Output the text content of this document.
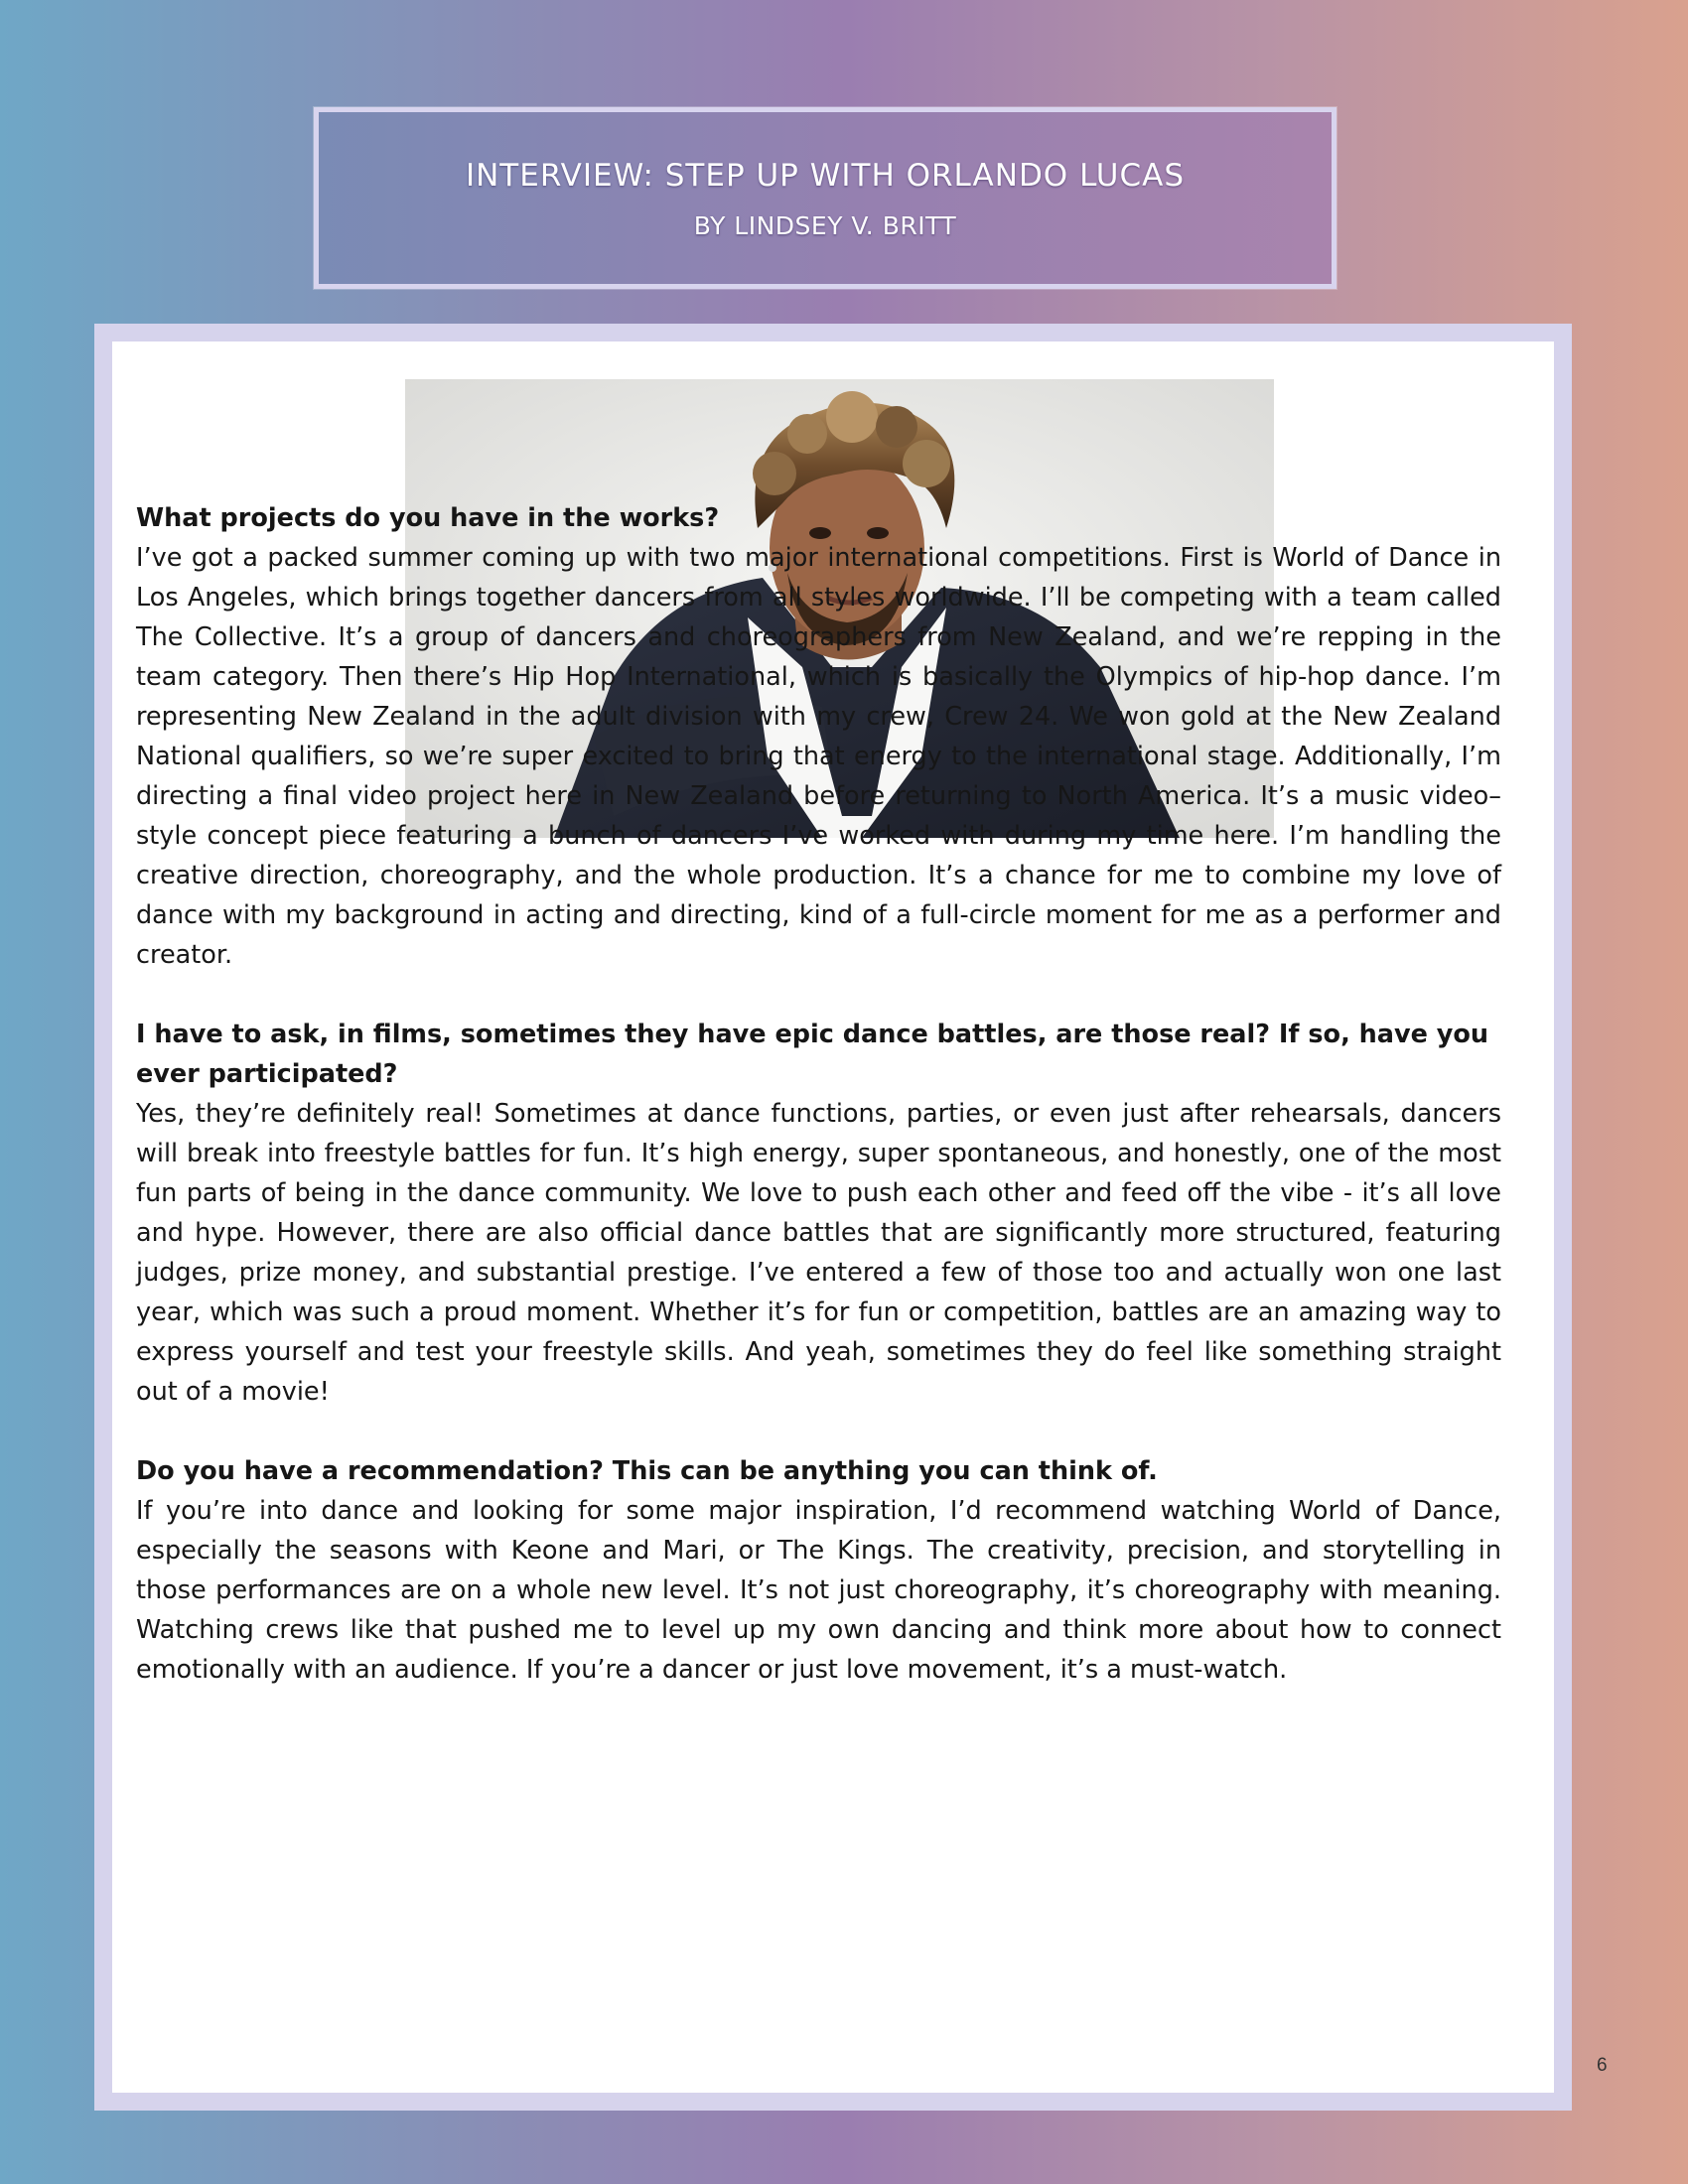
INTERVIEW: STEP UP WITH ORLANDO LUCAS
BY LINDSEY V. BRITT

What projects do you have in the works?

I’ve got a packed summer coming up with two major international competitions. First is World of Dance in Los Angeles, which brings together dancers from all styles worldwide. I’ll be competing with a team called The Collective. It’s a group of dancers and choreographers from New Zealand, and we’re repping in the team category. Then there’s Hip Hop International, which is basically the Olympics of hip-hop dance. I’m representing New Zealand in the adult division with my crew, Crew 24. We won gold at the New Zealand National qualifiers, so we’re super excited to bring that energy to the international stage. Additionally, I’m directing a final video project here in New Zealand before returning to North America. It’s a music video–style concept piece featuring a bunch of dancers I’ve worked with during my time here. I’m handling the creative direction, choreography, and the whole production. It’s a chance for me to combine my love of dance with my background in acting and directing, kind of a full-circle moment for me as a performer and creator.

I have to ask, in films, sometimes they have epic dance battles, are those real? If so, have you ever participated?

Yes, they’re definitely real! Sometimes at dance functions, parties, or even just after rehearsals, dancers will break into freestyle battles for fun. It’s high energy, super spontaneous, and honestly, one of the most fun parts of being in the dance community. We love to push each other and feed off the vibe - it’s all love and hype. However, there are also official dance battles that are significantly more structured, featuring judges, prize money, and substantial prestige. I’ve entered a few of those too and actually won one last year, which was such a proud moment. Whether it’s for fun or competition, battles are an amazing way to express yourself and test your freestyle skills. And yeah, sometimes they do feel like something straight out of a movie!

Do you have a recommendation? This can be anything you can think of.

If you’re into dance and looking for some major inspiration, I’d recommend watching World of Dance, especially the seasons with Keone and Mari, or The Kings. The creativity, precision, and storytelling in those performances are on a whole new level. It’s not just choreography, it’s choreography with meaning. Watching crews like that pushed me to level up my own dancing and think more about how to connect emotionally with an audience. If you’re a dancer or just love movement, it’s a must-watch.

6
